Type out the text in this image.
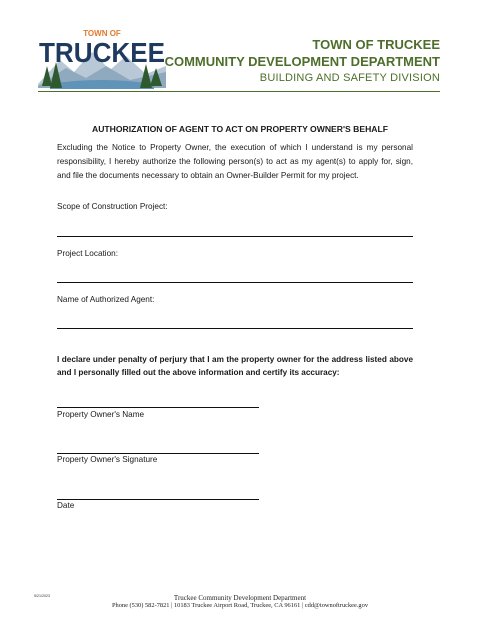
TOWN OF
TRUCKEE	TOWN OF TRUCKEE
COMMUNITY DEVELOPMENT DEPARTMENT
BUILDING AND SAFETY DIVISION
AUTHORIZATION OF AGENT TO ACT ON PROPERTY OWNER'S BEHALF

Excluding the Notice to Property Owner, the execution of which I understand is my personal responsibility, I hereby authorize the following person(s) to act as my agent(s) to apply for, sign, and file the documents necessary to obtain an Owner-Builder Permit for my project.

Scope of Construction Project:
Project Location:
Name of Authorized Agent:

I declare under penalty of perjury that I am the property owner for the address listed above and I personally filled out the above information and certify its accuracy:

Property Owner's Name
Property Owner's Signature
Date
5/21/2023	Truckee Community Development Department
Phone (530) 582-7821 | 10183 Truckee Airport Road, Truckee, CA 96161 | cdd@townoftruckee.gov
